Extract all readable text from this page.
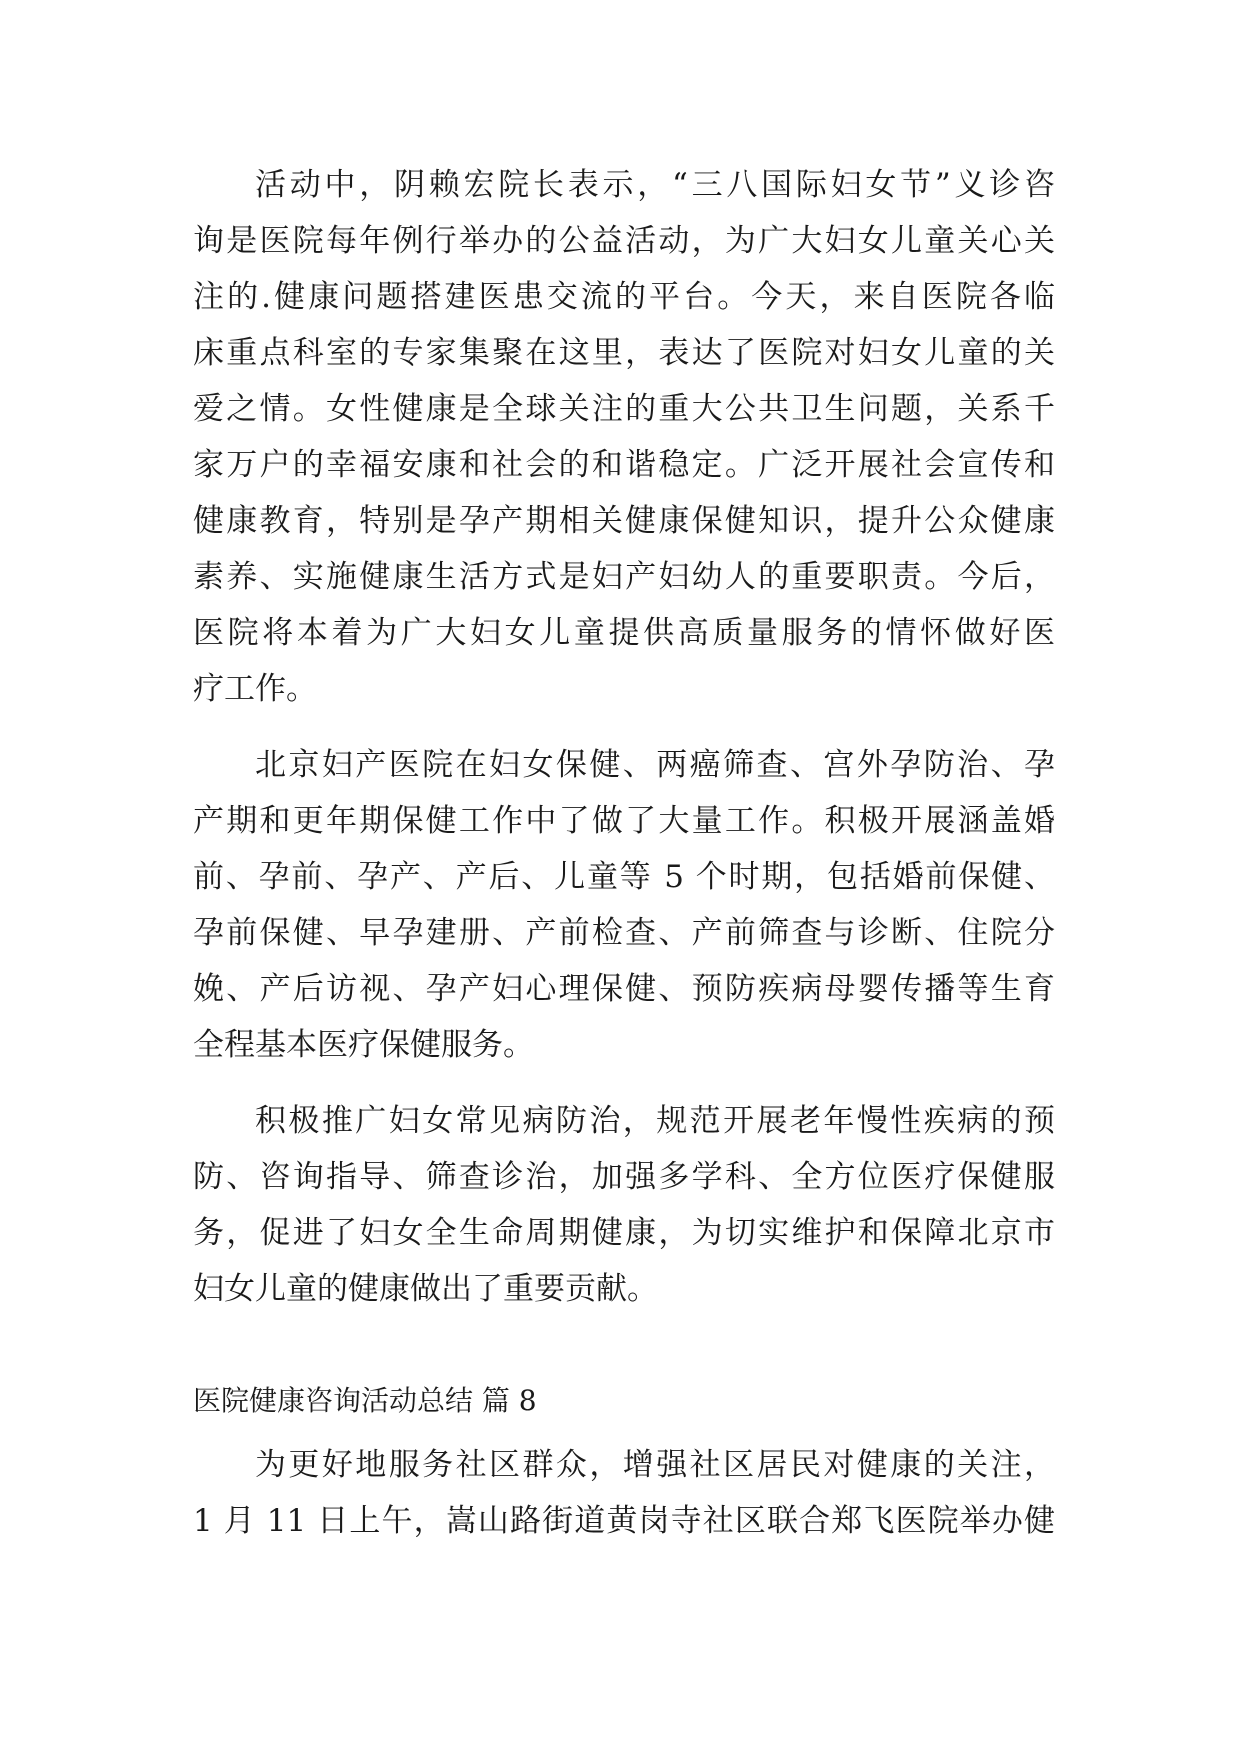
活动中，阴赖宏院长表示，“三八国际妇女节”义诊咨
询是医院每年例行举办的公益活动，为广大妇女儿童关心关
注的.健康问题搭建医患交流的平台。今天，来自医院各临
床重点科室的专家集聚在这里，表达了医院对妇女儿童的关
爱之情。女性健康是全球关注的重大公共卫生问题，关系千
家万户的幸福安康和社会的和谐稳定。广泛开展社会宣传和
健康教育，特别是孕产期相关健康保健知识，提升公众健康
素养、实施健康生活方式是妇产妇幼人的重要职责。今后，
医院将本着为广大妇女儿童提供高质量服务的情怀做好医
疗工作。
北京妇产医院在妇女保健、两癌筛查、宫外孕防治、孕
产期和更年期保健工作中了做了大量工作。积极开展涵盖婚
前、孕前、孕产、产后、儿童等 5 个时期，包括婚前保健、
孕前保健、早孕建册、产前检查、产前筛查与诊断、住院分
娩、产后访视、孕产妇心理保健、预防疾病母婴传播等生育
全程基本医疗保健服务。
积极推广妇女常见病防治，规范开展老年慢性疾病的预
防、咨询指导、筛查诊治，加强多学科、全方位医疗保健服
务，促进了妇女全生命周期健康，为切实维护和保障北京市
妇女儿童的健康做出了重要贡献。
医院健康咨询活动总结 篇 8
为更好地服务社区群众，增强社区居民对健康的关注，
1 月 11 日上午，嵩山路街道黄岗寺社区联合郑飞医院举办健
